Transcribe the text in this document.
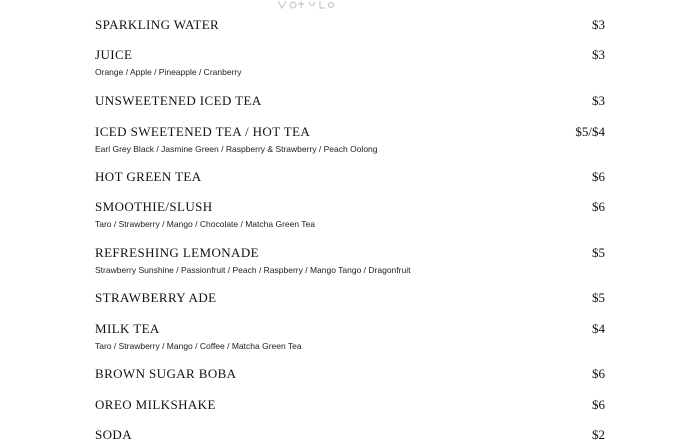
SPARKLING WATER	$3
JUICE	$3
Orange / Apple / Pineapple / Cranberry
UNSWEETENED ICED TEA	$3
ICED SWEETENED TEA / HOT TEA	$5/$4
Earl Grey Black / Jasmine Green / Raspberry & Strawberry / Peach Oolong
HOT GREEN TEA	$6
SMOOTHIE/SLUSH	$6
Taro / Strawberry / Mango / Chocolate / Matcha Green Tea
REFRESHING LEMONADE	$5
Strawberry Sunshine / Passionfruit / Peach / Raspberry / Mango Tango / Dragonfruit
STRAWBERRY ADE	$5
MILK TEA	$4
Taro / Strawberry / Mango / Coffee / Matcha Green Tea
BROWN SUGAR BOBA	$6
OREO MILKSHAKE	$6
SODA	$2
